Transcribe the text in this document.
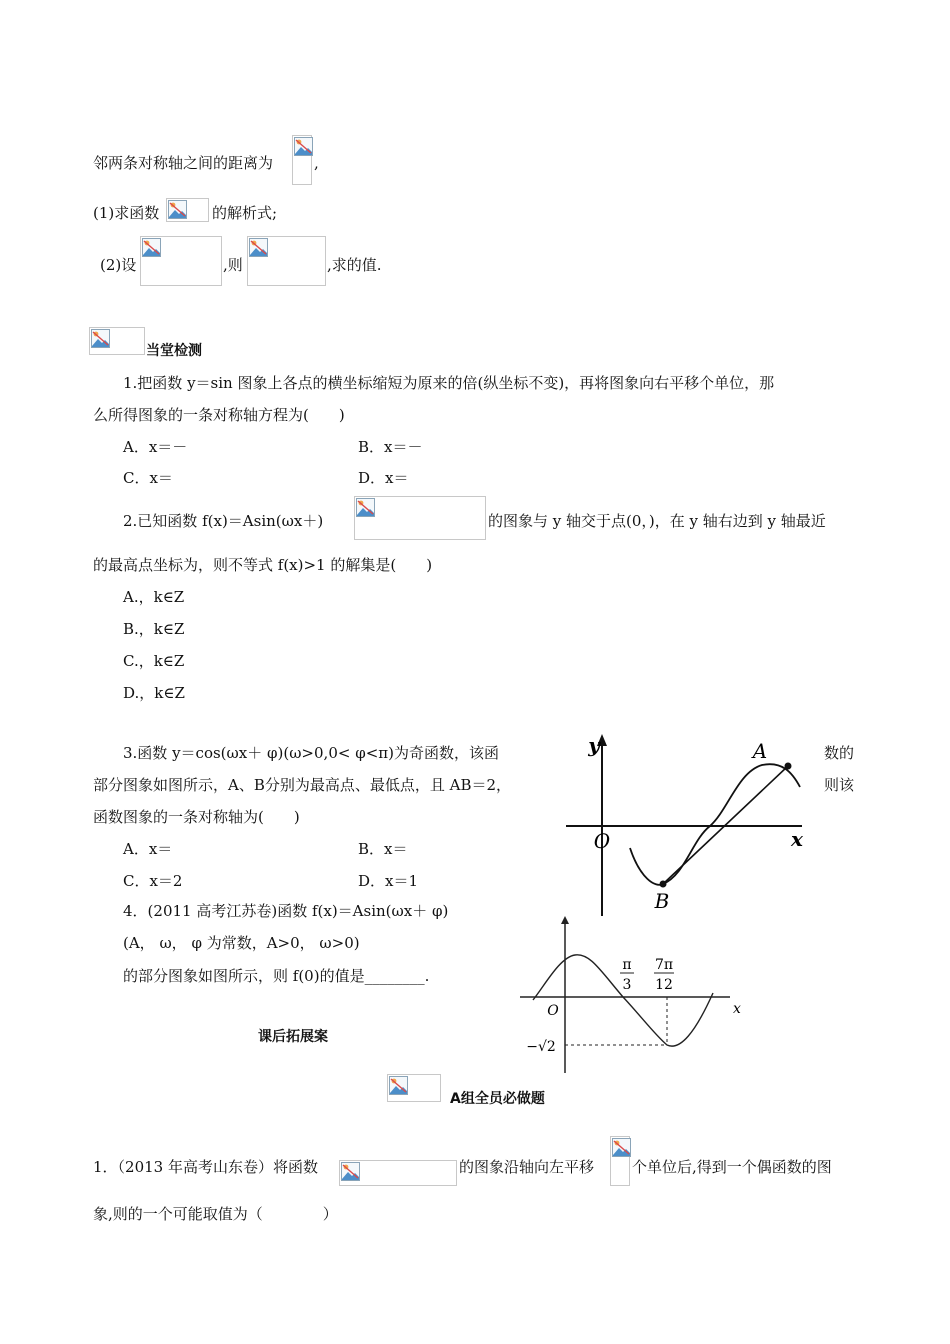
邻两条对称轴之间的距离为	,
(1)求函数	的解析式;
(2)设	,则	,求的值.
当堂检测
1.把函数 y＝sin 图象上各点的横坐标缩短为原来的倍(纵坐标不变)，再将图象向右平移个单位，那
么所得图象的一条对称轴方程为(　　)
A．x＝－	B．x＝－
C．x＝	D．x＝
2.已知函数 f(x)＝Asin(ωx＋)	的图象与 y 轴交于点(0，)，在 y 轴右边到 y 轴最近
的最高点坐标为，则不等式 f(x)>1 的解集是(　　)
A.，k∈Z
B.，k∈Z
C.，k∈Z
D.，k∈Z
3.函数 y＝cos(ωx＋ φ)(ω>0,0< φ<π)为奇函数，该函	数的
部分图象如图所示，A、B分别为最高点、最低点，且 AB＝2，	则该
函数图象的一条对称轴为(　　)
A．x＝	B．x＝
C．x＝2	D．x＝1
y
x
O
A
B
4．(2011 高考江苏卷)函数 f(x)＝Asin(ωx＋ φ)
(A， ω， φ 为常数，A>0， ω>0)
的部分图象如图所示，则 f(0)的值是________.
π
3
7π
12
x
O
−√2
课后拓展案
A组全员必做题
1．（2013 年高考山东卷）将函数	的图象沿轴向左平移	个单位后,得到一个偶函数的图
象,则的一个可能取值为（　　　　）
